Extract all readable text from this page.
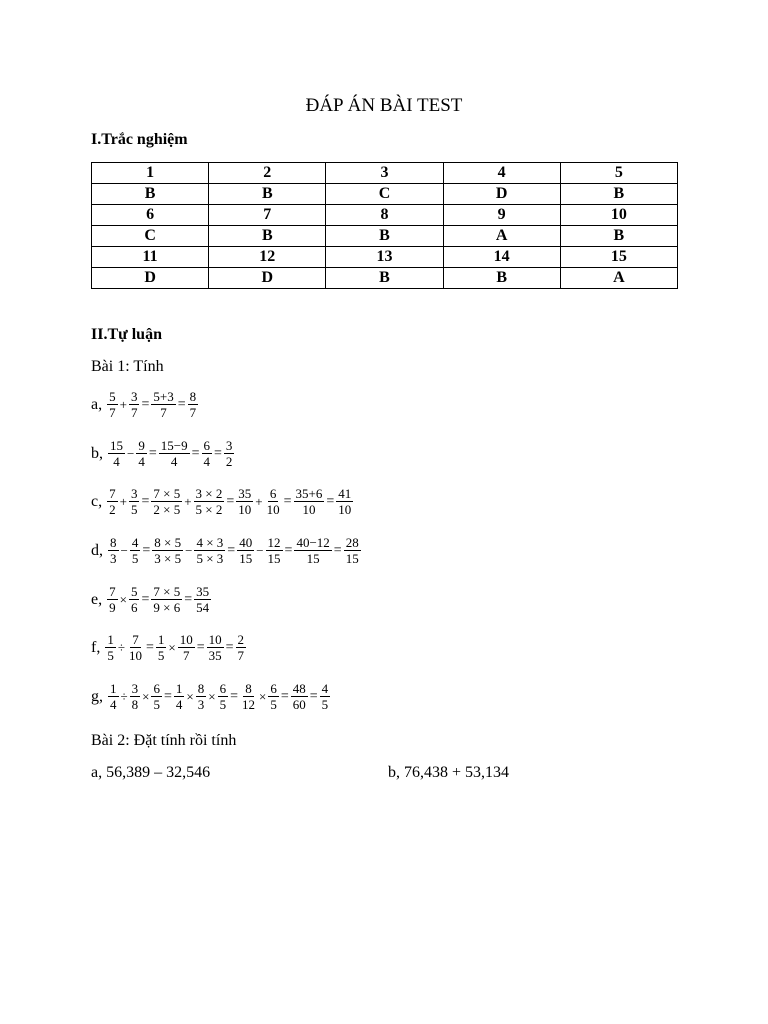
ĐÁP ÁN BÀI TEST
I.Trắc nghiệm
1	2	3	4	5
B	B	C	D	B
6	7	8	9	10
C	B	B	A	B
11	12	13	14	15
D	D	B	B	A
II.Tự luận
Bài 1: Tính
a, $\frac{5}{7} + \frac{3}{7} = \frac{5+3}{7} = \frac{8}{7}$
b, $\frac{15}{4} - \frac{9}{4} = \frac{15-9}{4} = \frac{6}{4} = \frac{3}{2}$
c, $\frac{7}{2} + \frac{3}{5} = \frac{7 \times 5}{2 \times 5} + \frac{3 \times 2}{5 \times 2} = \frac{35}{10} + \frac{6}{10} = \frac{35+6}{10} = \frac{41}{10}$
d, $\frac{8}{3} - \frac{4}{5} = \frac{8 \times 5}{3 \times 5} - \frac{4 \times 3}{5 \times 3} = \frac{40}{15} - \frac{12}{15} = \frac{40-12}{15} = \frac{28}{15}$
e, $\frac{7}{9} \times \frac{5}{6} = \frac{7 \times 5}{9 \times 6} = \frac{35}{54}$
f, $\frac{1}{5} \div \frac{7}{10} = \frac{1}{5} \times \frac{10}{7} = \frac{10}{35} = \frac{2}{7}$
g, $\frac{1}{4} \div \frac{3}{8} \times \frac{6}{5} = \frac{1}{4} \times \frac{8}{3} \times \frac{6}{5} = \frac{8}{12} \times \frac{6}{5} = \frac{48}{60} = \frac{4}{5}$
Bài 2: Đặt tính rồi tính
a, 56,389 – 32,546	b, 76,438 + 53,134
